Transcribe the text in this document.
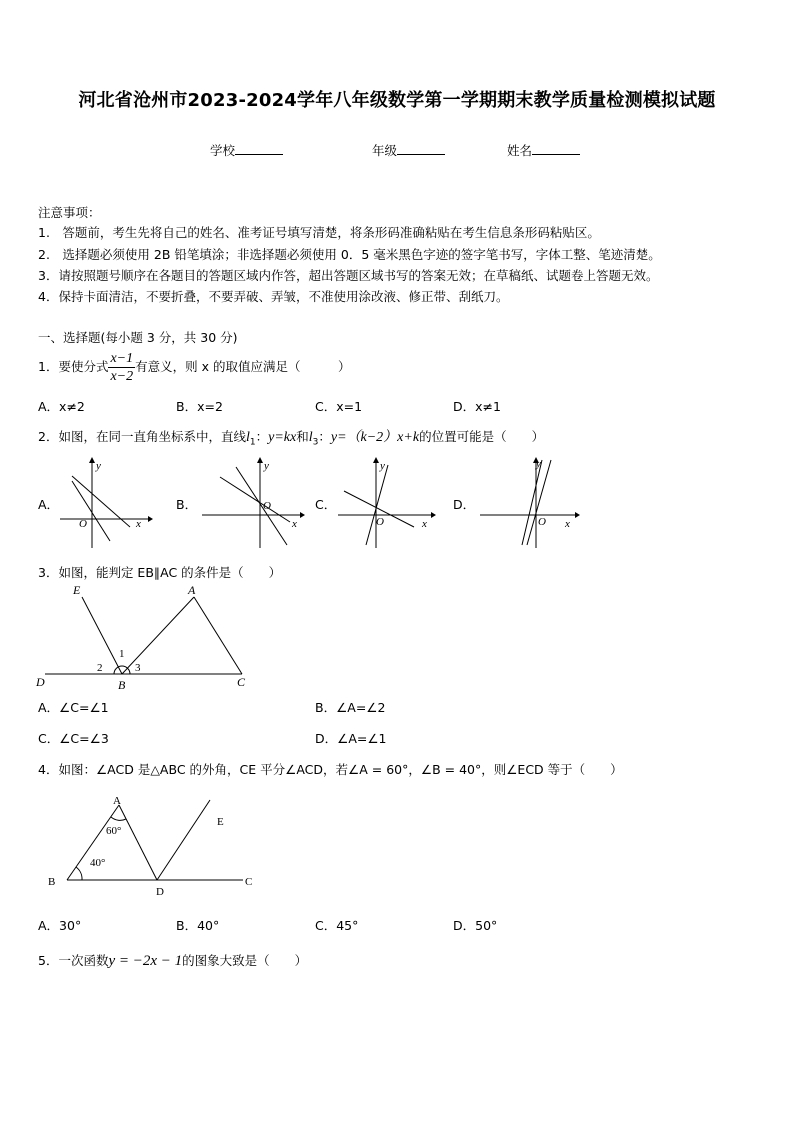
河北省沧州市2023-2024学年八年级数学第一学期期末教学质量检测模拟试题
学校	年级	姓名
注意事项：
1.　答题前，考生先将自己的姓名、准考证号填写清楚，将条形码准确粘贴在考生信息条形码粘贴区。
2.　选择题必须使用 2B 铅笔填涂；非选择题必须使用 0．5 毫米黑色字迹的签字笔书写，字体工整、笔迹清楚。
3．请按照题号顺序在各题目的答题区域内作答，超出答题区域书写的答案无效；在草稿纸、试题卷上答题无效。
4．保持卡面清洁，不要折叠，不要弄破、弄皱，不准使用涂改液、修正带、刮纸刀。
一、选择题(每小题 3 分，共 30 分)
1．要使分式 $\frac{x-1}{x-2}$ 有意义，则 x 的取值应满足（　　　）
A．x≠2	B．x=2	C．x=1	D．x≠1
2．如图，在同一直角坐标系中，直线$l_1$：y=kx和$l_3$：y=（k−2）x+k的位置可能是（　　）
A．	B．	C．	D．
O	x
y
O
x
y
O	x
y
O x
y
3．如图，能判定 EB∥AC 的条件是（　　）
E	A
D	B	C
1
2	3
A．∠C=∠1	B．∠A=∠2
C．∠C=∠3	D．∠A=∠1
4．如图：∠ACD 是△ABC 的外角，CE 平分∠ACD，若∠A = 60°，∠B = 40°，则∠ECD 等于（　　）
A
B
D
C
E
60°
40°
A．30°	B．40°	C．45°	D．50°
5．一次函数y = −2x − 1的图象大致是（　　）
